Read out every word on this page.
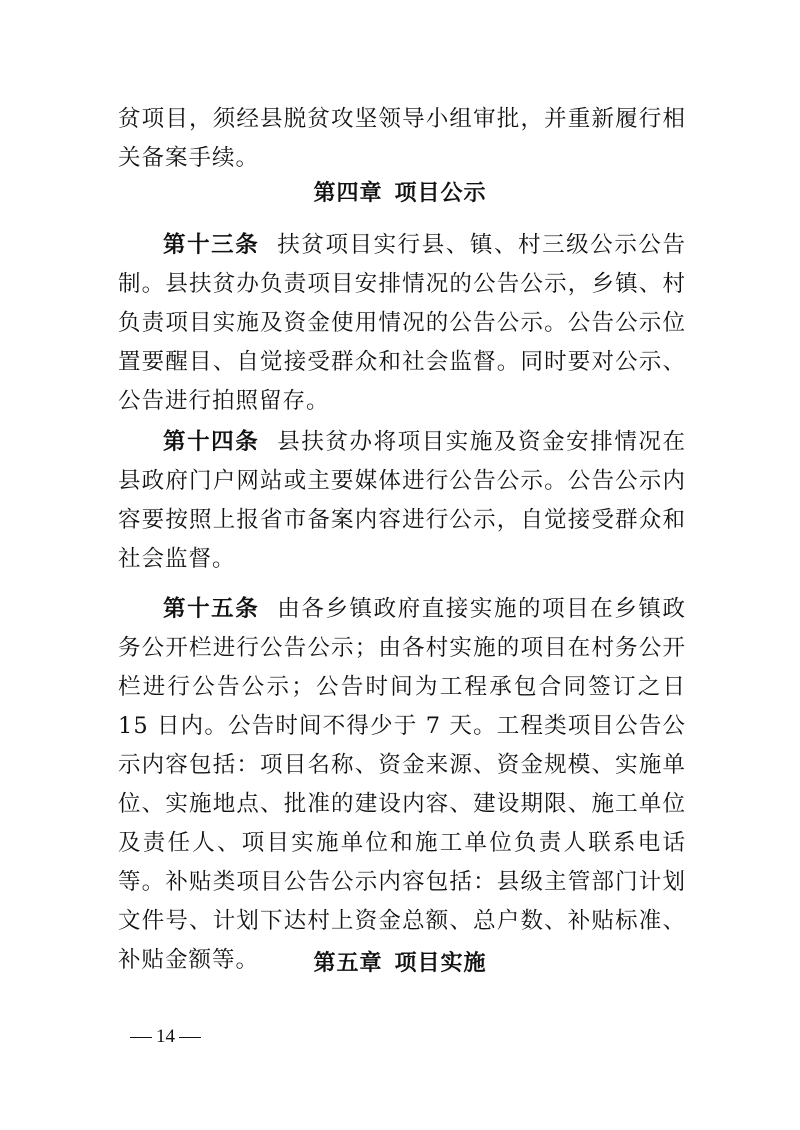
贫项目，须经县脱贫攻坚领导小组审批，并重新履行相关备案手续。

第四章 项目公示

第十三条 扶贫项目实行县、镇、村三级公示公告制。县扶贫办负责项目安排情况的公告公示，乡镇、村负责项目实施及资金使用情况的公告公示。公告公示位置要醒目、自觉接受群众和社会监督。同时要对公示、公告进行拍照留存。

第十四条 县扶贫办将项目实施及资金安排情况在县政府门户网站或主要媒体进行公告公示。公告公示内容要按照上报省市备案内容进行公示，自觉接受群众和社会监督。

第十五条 由各乡镇政府直接实施的项目在乡镇政务公开栏进行公告公示；由各村实施的项目在村务公开栏进行公告公示；公告时间为工程承包合同签订之日 15 日内。公告时间不得少于 7 天。工程类项目公告公示内容包括：项目名称、资金来源、资金规模、实施单位、实施地点、批准的建设内容、建设期限、施工单位及责任人、项目实施单位和施工单位负责人联系电话等。补贴类项目公告公示内容包括：县级主管部门计划文件号、计划下达村上资金总额、总户数、补贴标准、补贴金额等。	第五章 项目实施
14
